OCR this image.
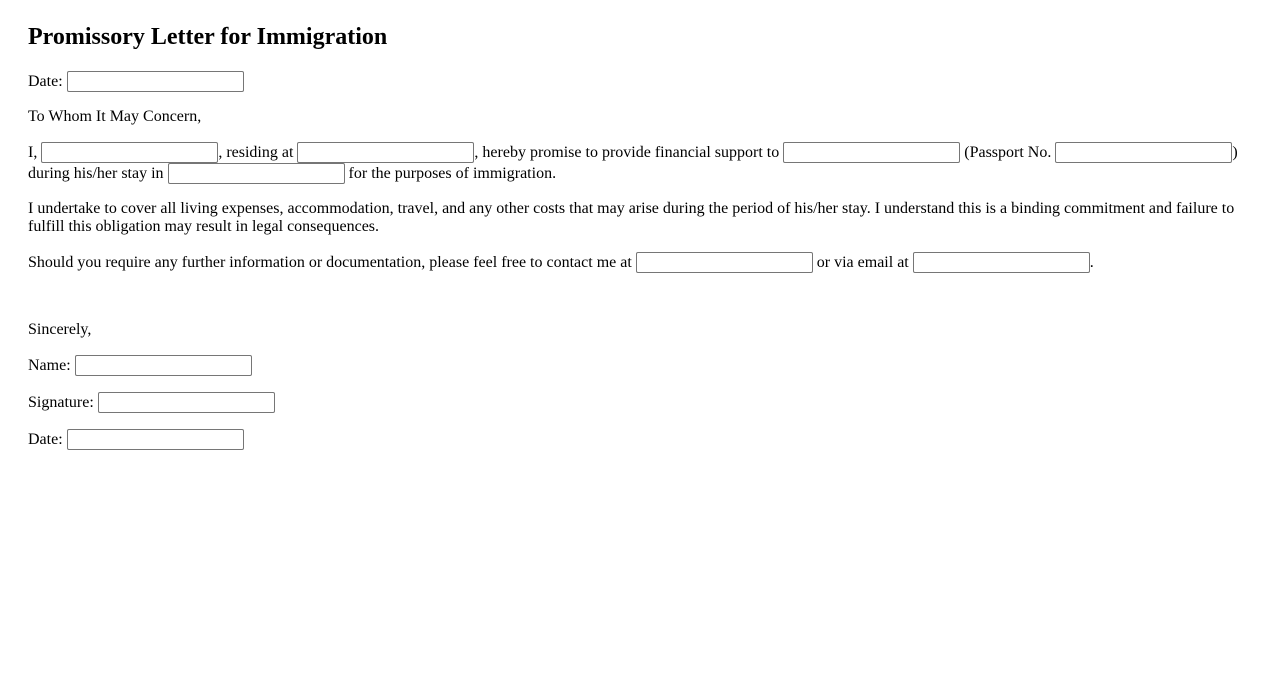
Promissory Letter for Immigration

Date:

To Whom It May Concern,

I,	, residing at	, hereby promise to provide financial support to	(Passport No.	) during his/her stay in	for the purposes of immigration.

I undertake to cover all living expenses, accommodation, travel, and any other costs that may arise during the period of his/her stay. I understand this is a binding commitment and failure to fulfill this obligation may result in legal consequences.

Should you require any further information or documentation, please feel free to contact me at	or via email at	.

Sincerely,

Name:

Signature:

Date:
